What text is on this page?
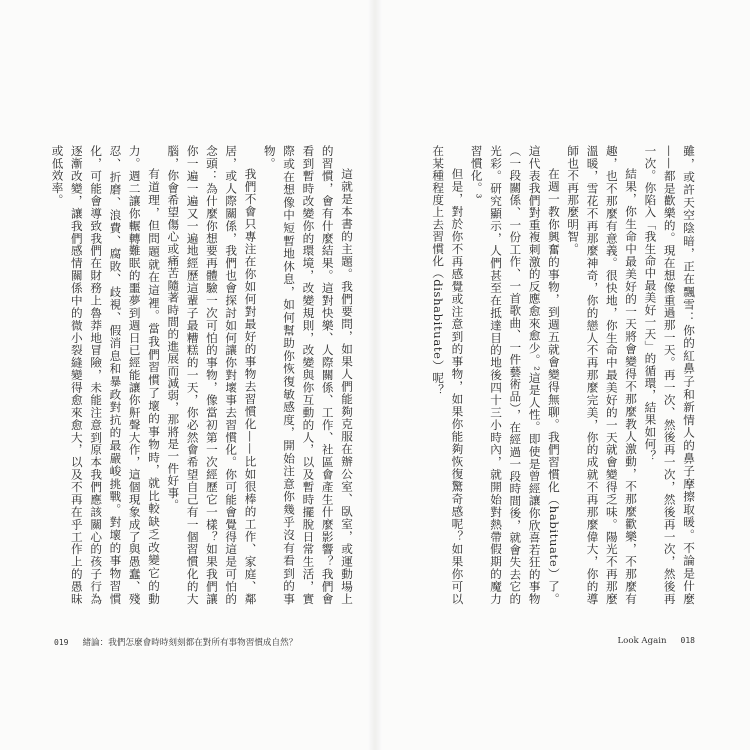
雖，或許天空陰暗，正在飄雪：你的紅鼻子和新情人的鼻子摩擦取暖。不論是什麼——都是歡樂的。現在想像重過那一天。再一次、然後再一次，然後再一次，然後再一次。你陷入「我生命中最美好一天」的循環，結果如何？

結果，你生命中最美好的一天將會變得不那麼教人激動，不那麼歡樂，不那麼有趣，也不那麼有意義。很快地，你生命中最美好的一天就會變得乏味。陽光不再那麼溫暖，雪花不再那麼神奇，你的戀人不再那麼完美，你的成就不再那麼偉大，你的導師也不再那麼明智。

在週一教你興奮的事物，到週五就會變得無聊。我們習慣化（habituate）了。這代表我們對重複刺激的反應愈來愈少。²這是人性。即使是曾經讓你欣喜若狂的事物（一段關係、一份工作、一首歌曲、一件藝術品），在經過一段時間後，就會失去它的光彩。研究顯示，人們甚至在抵達目的地後四十三小時內，就開始對熱帶假期的魔力習慣化。³

但是，對於你不再感覺或注意到的事物，如果你能夠恢復驚奇感呢？如果你可以在某種程度上去習慣化（dishabituate）呢？

這就是本書的主題。我們要問，如果人們能夠克服在辦公室、臥室，或運動場上的習慣，會有什麼結果。這對快樂、人際關係、工作、社區會產生什麼影響？我們會看到暫時改變你的環境，改變規則，改變與你互動的人，以及暫時擺脫日常生活，實際或在想像中短暫地休息，如何幫助你恢復敏感度，開始注意你幾乎沒有看到的事物。

我們不會只專注在你如何對最好的事物去習慣化——比如很棒的工作、家庭、鄰居，或人際關係，我們也會探討如何讓你對壞事去習慣化。你可能會覺得這是可怕的念頭：為什麼你想要再體驗一次可怕的事物，像當初第一次經歷它一樣？如果我們讓你一遍一遍又一遍地經歷這輩子最糟糕的一天，你必然會希望自己有一個習慣化的大腦，你會希望傷心或痛苦隨著時間的進展而減弱，那將是一件好事。

有道理，但問題就在這裡。當我們習慣了壞的事物時，就比較缺乏改變它的動力。週二讓你輾轉難眠的噩夢到週日已經能讓你鼾聲大作，這個現象成了與愚蠢、殘忍、折磨、浪費、腐敗、歧視、假消息和暴政對抗的最嚴峻挑戰。對壞的事物習慣化，可能會導致我們在財務上魯莽地冒險，未能注意到原本我們應該關心的孩子行為逐漸改變，讓我們感情關係中的微小裂縫變得愈來愈大，以及不再在乎工作上的愚昧或低效率。

019 緒論：我們怎麼會時時刻刻都在對所有事物習慣成自然？	Look Again 018
